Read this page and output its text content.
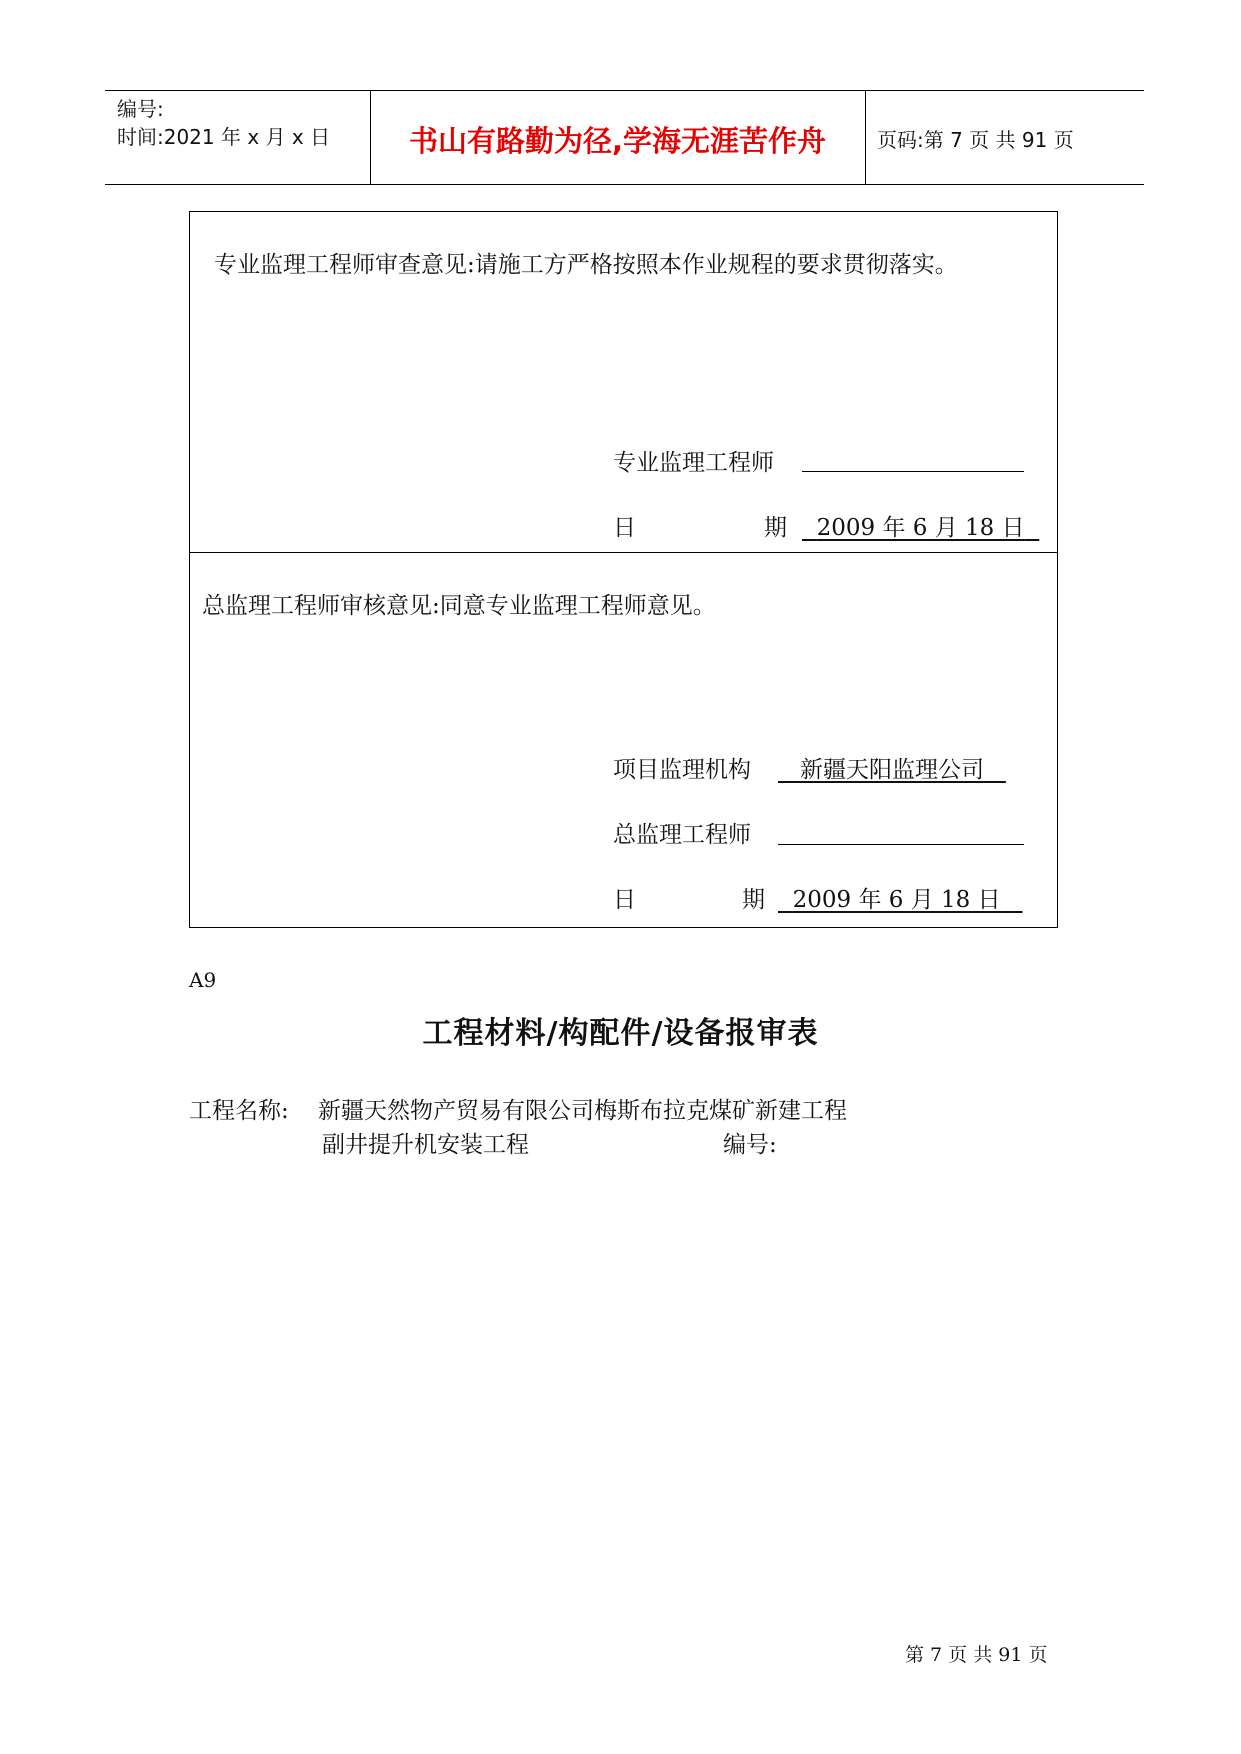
编号:
时间:2021 年 x 月 x 日	书山有路勤为径,学海无涯苦作舟	页码:第 7 页 共 91 页
专业监理工程师审查意见:请施工方严格按照本作业规程的要求贯彻落实。
专业监理工程师
日	期	2009 年 6 月 18 日
总监理工程师审核意见:同意专业监理工程师意见。
项目监理机构	新疆天阳监理公司
总监理工程师
日	期	2009 年 6 月 18 日
A9
工程材料/构配件/设备报审表
工程名称: 新疆天然物产贸易有限公司梅斯布拉克煤矿新建工程
副井提升机安装工程	编号:
第 7 页 共 91 页
